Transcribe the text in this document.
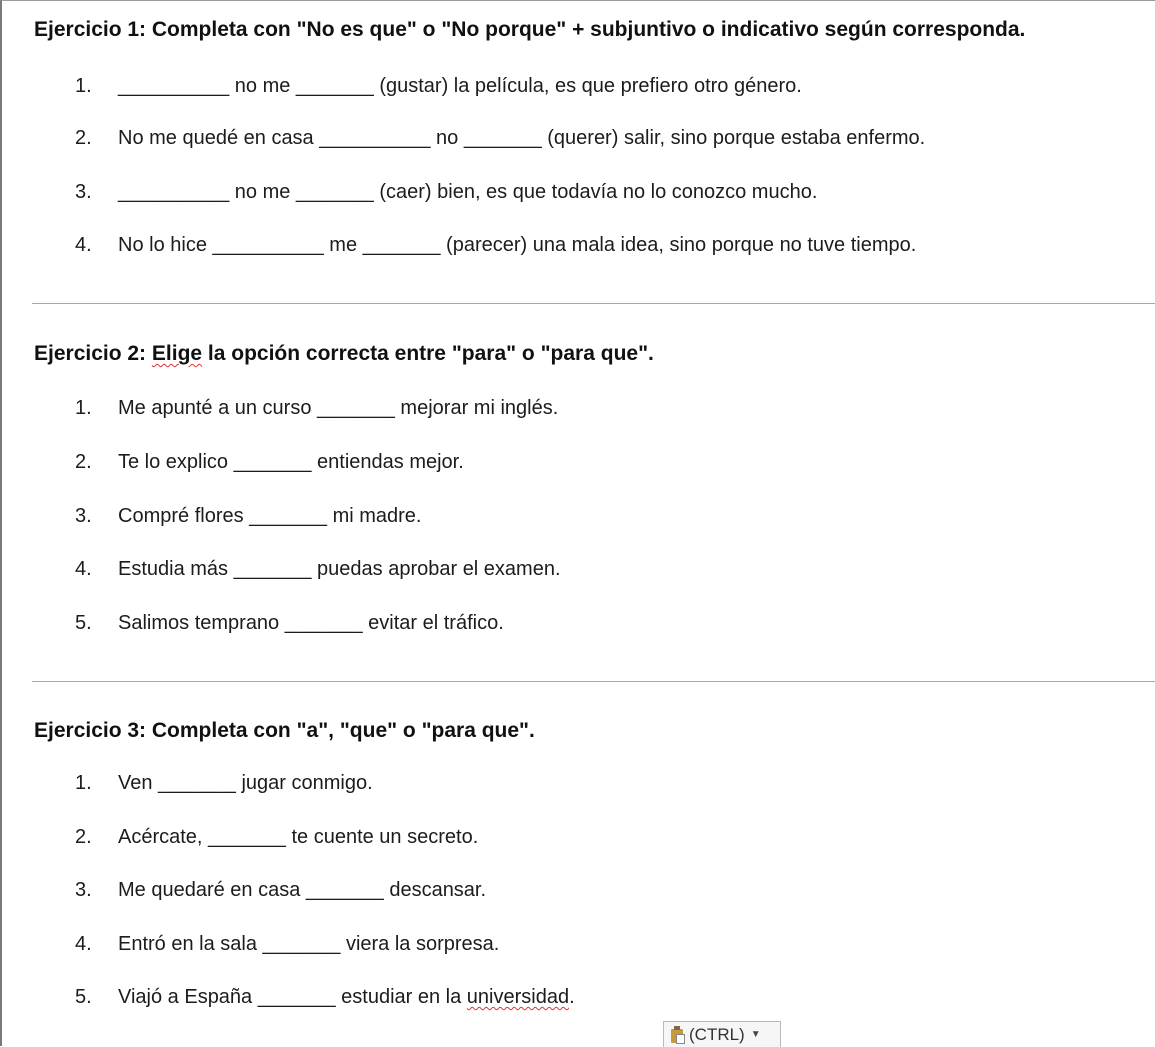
Ejercicio 1: Completa con "No es que" o "No porque" + subjuntivo o indicativo según corresponda.
1. __________ no me _______ (gustar) la película, es que prefiero otro género.
2. No me quedé en casa __________ no _______ (querer) salir, sino porque estaba enfermo.
3. __________ no me _______ (caer) bien, es que todavía no lo conozco mucho.
4. No lo hice __________ me _______ (parecer) una mala idea, sino porque no tuve tiempo.
Ejercicio 2: Elige la opción correcta entre "para" o "para que".
1. Me apunté a un curso _______ mejorar mi inglés.
2. Te lo explico _______ entiendas mejor.
3. Compré flores _______ mi madre.
4. Estudia más _______ puedas aprobar el examen.
5. Salimos temprano _______ evitar el tráfico.
Ejercicio 3: Completa con "a", "que" o "para que".
1. Ven _______ jugar conmigo.
2. Acércate, _______ te cuente un secreto.
3. Me quedaré en casa _______ descansar.
4. Entró en la sala _______ viera la sorpresa.
5. Viajó a España _______ estudiar en la universidad.
(CTRL) ▼
